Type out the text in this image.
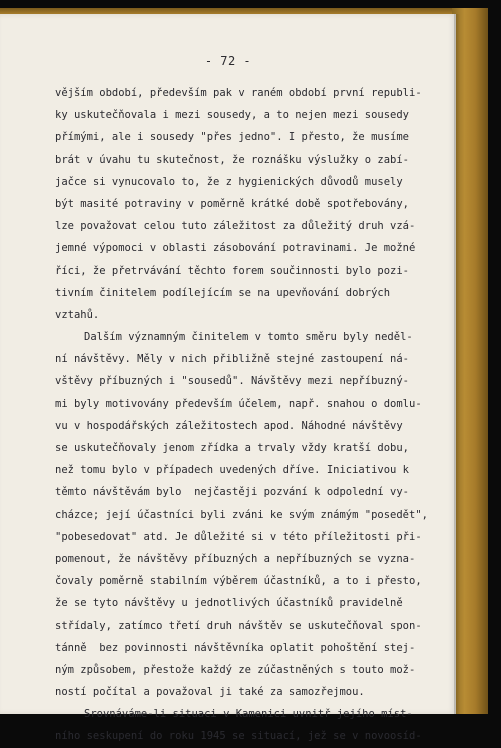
- 72 -
vějším období, především pak v raném období první republi-
ky uskutečňovala i mezi sousedy, a to nejen mezi sousedy
přímými, ale i sousedy "přes jedno". I přesto, že musíme
brát v úvahu tu skutečnost, že roznášku výslužky o zabí-
jačce si vynucovalo to, že z hygienických důvodů musely
být masité potraviny v poměrně krátké době spotřebovány,
lze považovat celou tuto záležitost za důležitý druh vzá-
jemné výpomoci v oblasti zásobování potravinami. Je možné
říci, že přetrvávání těchto forem součinnosti bylo pozi-
tivním činitelem podílejícím se na upevňování dobrých
vztahů.
Dalším významným činitelem v tomto směru byly neděl-
ní návštěvy. Měly v nich přibližně stejné zastoupení ná-
vštěvy příbuzných i "sousedů". Návštěvy mezi nepříbuzný-
mi byly motivovány především účelem, např. snahou o domlu-
vu v hospodářských záležitostech apod. Náhodné návštěvy
se uskutečňovaly jenom zřídka a trvaly vždy kratší dobu,
než tomu bylo v případech uvedených dříve. Iniciativou k
těmto návštěvám bylo  nejčastěji pozvání k odpolední vy-
cházce; její účastníci byli zváni ke svým známým "posedět",
"pobesedovat" atd. Je důležité si v této příležitosti při-
pomenout, že návštěvy příbuzných a nepříbuzných se vyzna-
čovaly poměrně stabilním výběrem účastníků, a to i přesto,
že se tyto návštěvy u jednotlivých účastníků pravidelně
střídaly, zatímco třetí druh návštěv se uskutečňoval spon-
tánně  bez povinnosti návštěvníka oplatit pohoštění stej-
ným způsobem, přestože každý ze zúčastněných s touto mož-
ností počítal a považoval ji také za samozřejmou.
Srovnáváme-li situaci v Kamenici uvnitř jejího míst-
ního seskupení do roku 1945 se situací, jež se v novoosíd-
